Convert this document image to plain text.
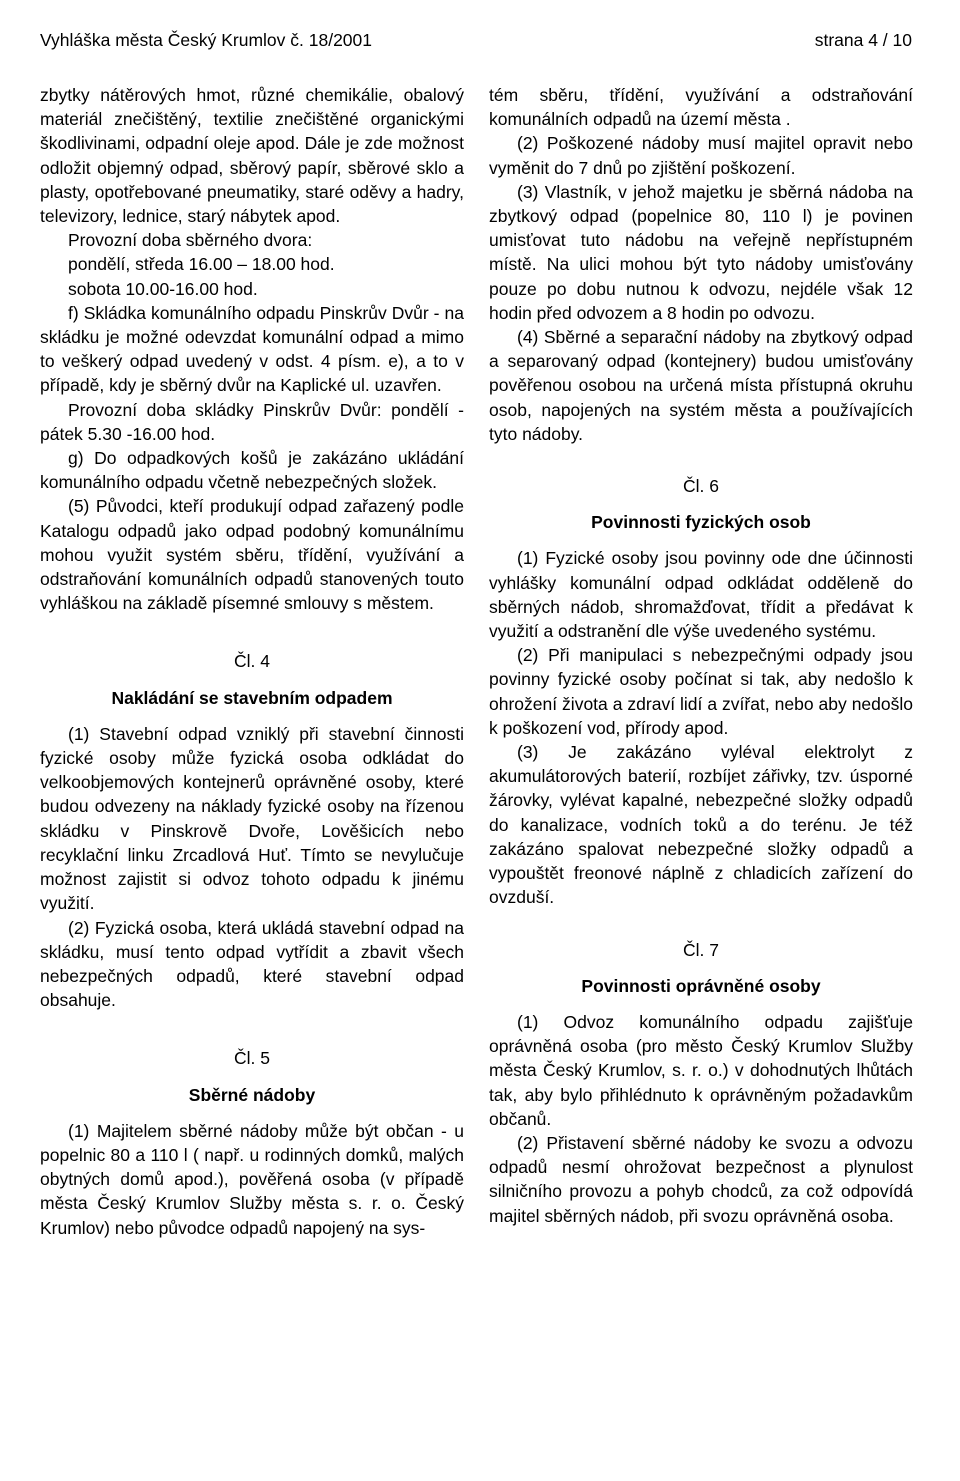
Vyhláška města Český Krumlov č. 18/2001	strana 4 / 10

zbytky nátěrových hmot, různé chemikálie, obalový materiál znečištěný, textilie znečištěné organickými škodlivinami, odpadní oleje apod. Dále je zde možnost odložit objemný odpad, sběrový papír, sběrové sklo a plasty, opotřebované pneumatiky, staré oděvy a hadry, televizory, lednice, starý nábytek apod.

Provozní doba sběrného dvora:

pondělí, středa 16.00 – 18.00 hod.

sobota 10.00-16.00 hod.

f) Skládka komunálního odpadu Pinskrův Dvůr - na skládku je možné odevzdat komunální odpad a mimo to veškerý odpad uvedený v odst. 4 písm. e), a to v případě, kdy je sběrný dvůr na Kaplické ul. uzavřen.

Provozní doba skládky Pinskrův Dvůr: pondělí - pátek 5.30 -16.00 hod.

g) Do odpadkových košů je zakázáno ukládání komunálního odpadu včetně nebezpečných složek.

(5) Původci, kteří produkují odpad zařazený podle Katalogu odpadů jako odpad podobný komunálnímu mohou využit systém sběru, třídění, využívání a odstraňování komunálních odpadů stanovených touto vyhláškou na základě písemné smlouvy s městem.

Čl. 4

Nakládání se stavebním odpadem

(1) Stavební odpad vzniklý při stavební činnosti fyzické osoby může fyzická osoba odkládat do velkoobjemových kontejnerů oprávněné osoby, které budou odvezeny na náklady fyzické osoby na řízenou skládku v Pinskrově Dvoře, Lověšicích nebo recyklační linku Zrcadlová Huť. Tímto se nevylučuje možnost zajistit si odvoz tohoto odpadu k jinému využití.

(2) Fyzická osoba, která ukládá stavební odpad na skládku, musí tento odpad vytřídit a zbavit všech nebezpečných odpadů, které stavební odpad obsahuje.

Čl. 5

Sběrné nádoby

(1) Majitelem sběrné nádoby může být občan - u popelnic 80 a 110 l ( např. u rodinných domků, malých obytných domů apod.), pověřená osoba (v případě města Český Krumlov Služby města s. r. o. Český Krumlov) nebo původce odpadů napojený na sys-

tém sběru, třídění, využívání a odstraňování komunálních odpadů na území města .

(2) Poškozené nádoby musí majitel opravit nebo vyměnit do 7 dnů po zjištění poškození.

(3) Vlastník, v jehož majetku je sběrná nádoba na zbytkový odpad (popelnice 80, 110 l) je povinen umisťovat tuto nádobu na veřejně nepřístupném místě. Na ulici mohou být tyto nádoby umisťovány pouze po dobu nutnou k odvozu, nejdéle však 12 hodin před odvozem a 8 hodin po odvozu.

(4) Sběrné a separační nádoby na zbytkový odpad a separovaný odpad (kontejnery) budou umisťovány pověřenou osobou na určená místa přístupná okruhu osob, napojených na systém města a používajících tyto nádoby.

Čl. 6

Povinnosti fyzických osob

(1) Fyzické osoby jsou povinny ode dne účinnosti vyhlášky komunální odpad odkládat odděleně do sběrných nádob, shromažďovat, třídit a předávat k využití a odstranění dle výše uvedeného systému.

(2) Při manipulaci s nebezpečnými odpady jsou povinny fyzické osoby počínat si tak, aby nedošlo k ohrožení života a zdraví lidí a zvířat, nebo aby nedošlo k poškození vod, přírody apod.

(3) Je zakázáno vyléval elektrolyt z akumulátorových baterií, rozbíjet zářivky, tzv. úsporné žárovky, vylévat kapalné, nebezpečné složky odpadů do kanalizace, vodních toků a do terénu. Je též zakázáno spalovat nebezpečné složky odpadů a vypouštět freonové náplně z chladicích zařízení do ovzduší.

Čl. 7

Povinnosti oprávněné osoby

(1) Odvoz komunálního odpadu zajišťuje oprávněná osoba (pro město Český Krumlov Služby města Český Krumlov, s. r. o.) v dohodnutých lhůtách tak, aby bylo přihlédnuto k oprávněným požadavkům občanů.

(2) Přistavení sběrné nádoby ke svozu a odvozu odpadů nesmí ohrožovat bezpečnost a plynulost silničního provozu a pohyb chodců, za což odpovídá majitel sběrných nádob, při svozu oprávněná osoba.
